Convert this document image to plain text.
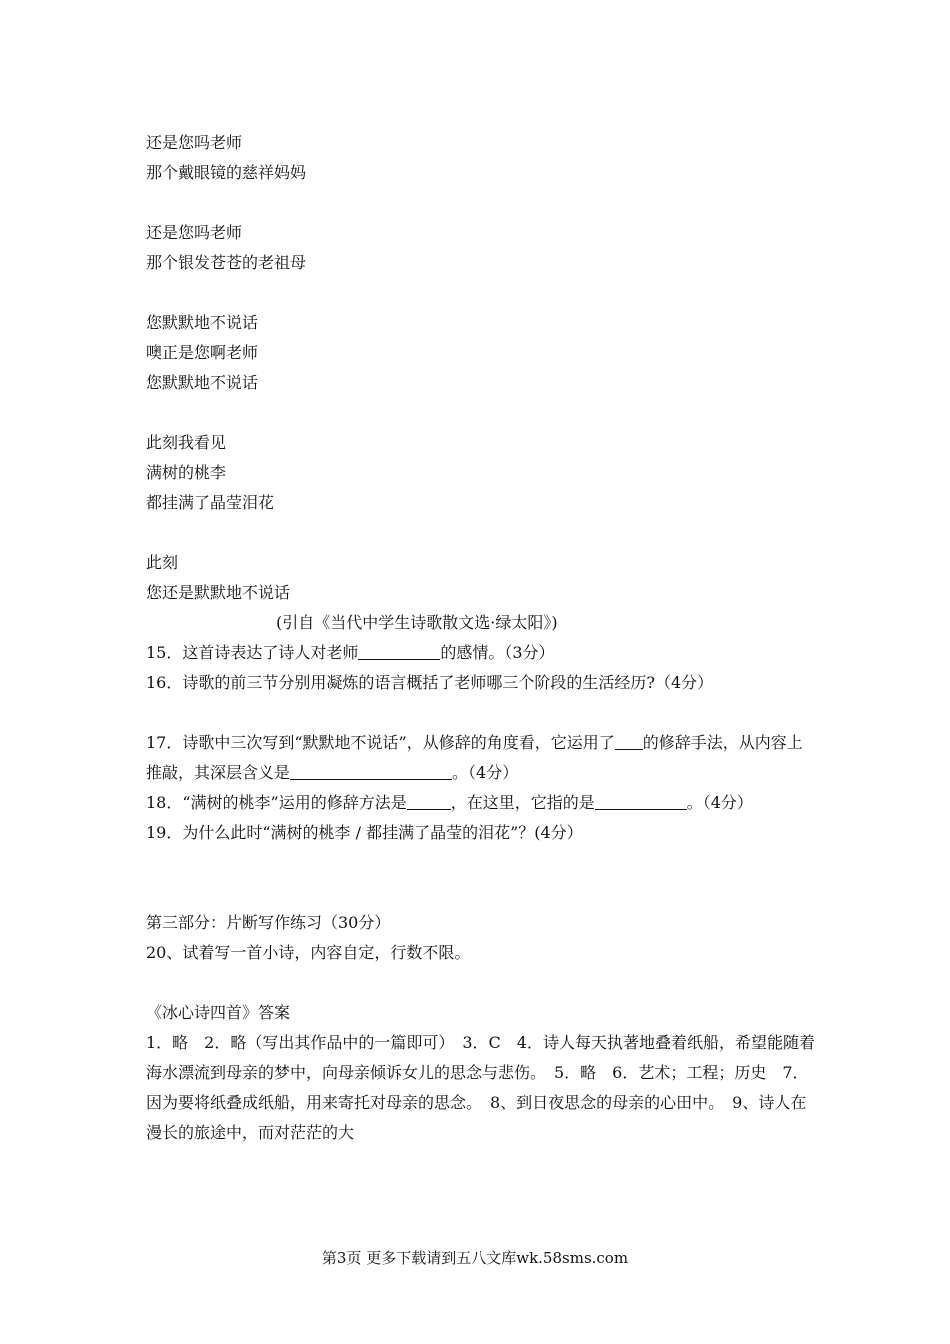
还是您吗老师
那个戴眼镜的慈祥妈妈
还是您吗老师
那个银发苍苍的老祖母
您默默地不说话
噢正是您啊老师
您默默地不说话
此刻我看见
满树的桃李
都挂满了晶莹泪花
此刻
您还是默默地不说话
(引自《当代中学生诗歌散文选·绿太阳》)
15．这首诗表达了诗人对老师	的感情。（3分）
16．诗歌的前三节分别用凝炼的语言概括了老师哪三个阶段的生活经历?（4分）
17．诗歌中三次写到“默默地不说话”，从修辞的角度看，它运用了 的修辞手法，从内容上推敲，其深层含义是	。（4分）
18．“满树的桃李”运用的修辞方法是	，在这里，它指的是	。（4分）
19．为什么此时“满树的桃李 / 都挂满了晶莹的泪花”？(4分）
第三部分：片断写作练习（30分）
20、试着写一首小诗，内容自定，行数不限。
《冰心诗四首》答案
1．略　2．略（写出其作品中的一篇即可）　3．C　4．诗人每天执著地叠着纸船，希望能随着海水漂流到母亲的梦中，向母亲倾诉女儿的思念与悲伤。　5．略　6．艺术；工程；历史　7．因为要将纸叠成纸船，用来寄托对母亲的思念。　8、到日夜思念的母亲的心田中。　9、诗人在漫长的旅途中，而对茫茫的大
第3页 更多下载请到五八文库wk.58sms.com
